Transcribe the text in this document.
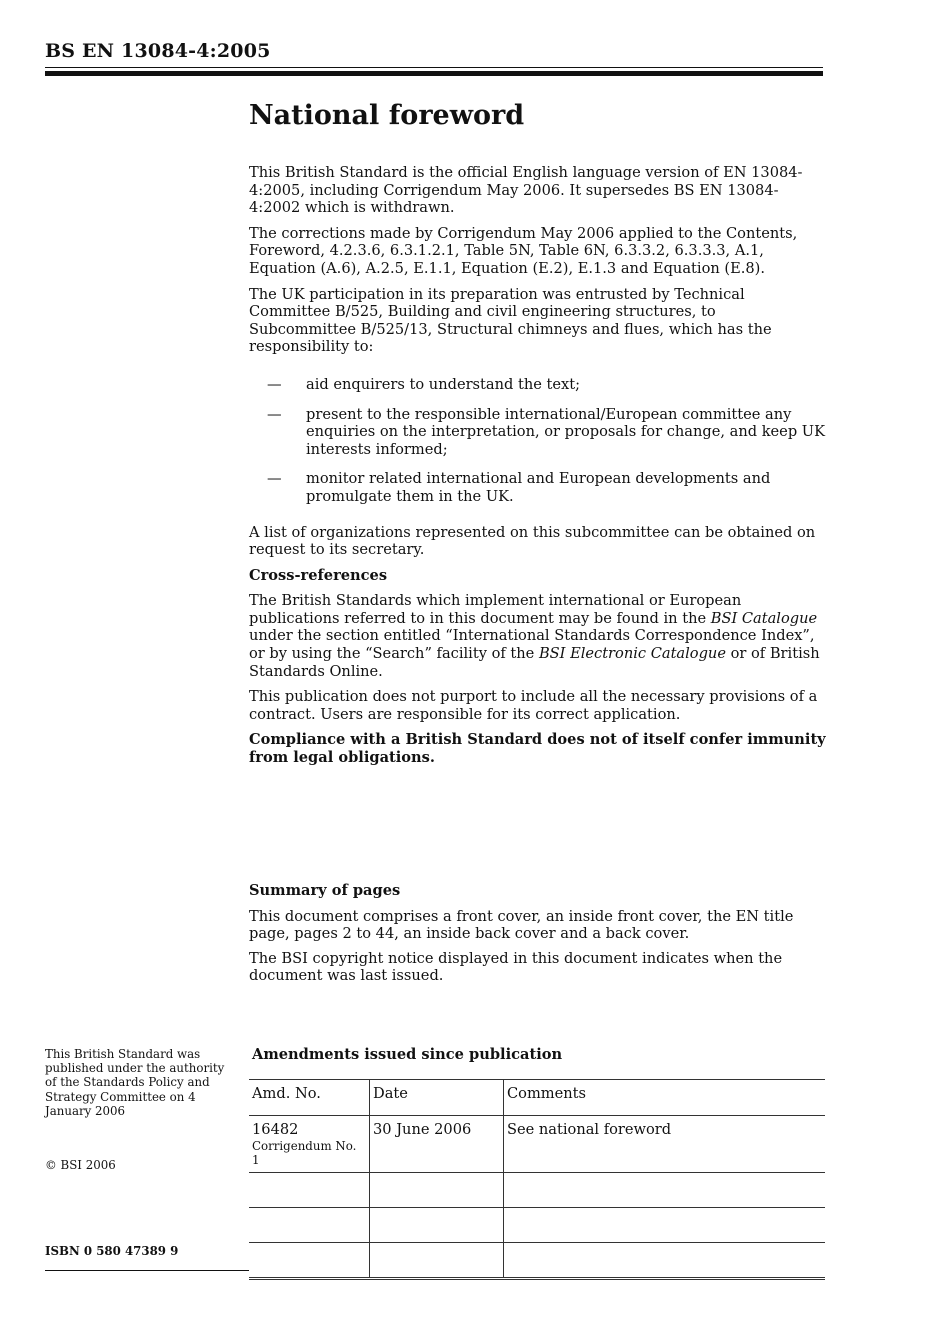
BS EN 13084-4:2005
National foreword

This British Standard is the official English language version of EN 13084-4:2005, including Corrigendum May 2006. It supersedes BS EN 13084-4:2002 which is withdrawn.

The corrections made by Corrigendum May 2006 applied to the Contents, Foreword, 4.2.3.6, 6.3.1.2.1, Table 5N, Table 6N, 6.3.3.2, 6.3.3.3, A.1, Equation (A.6), A.2.5, E.1.1, Equation (E.2), E.1.3 and Equation (E.8).

The UK participation in its preparation was entrusted by Technical Committee B/525, Building and civil engineering structures, to Subcommittee B/525/13, Structural chimneys and flues, which has the responsibility to:

— aid enquirers to understand the text;
— present to the responsible international/European committee any enquiries on the interpretation, or proposals for change, and keep UK interests informed;
— monitor related international and European developments and promulgate them in the UK.

A list of organizations represented on this subcommittee can be obtained on request to its secretary.

Cross-references

The British Standards which implement international or European publications referred to in this document may be found in the BSI Catalogue under the section entitled “International Standards Correspondence Index”, or by using the “Search” facility of the BSI Electronic Catalogue or of British Standards Online.

This publication does not purport to include all the necessary provisions of a contract. Users are responsible for its correct application.

Compliance with a British Standard does not of itself confer immunity from legal obligations.

Summary of pages

This document comprises a front cover, an inside front cover, the EN title page, pages 2 to 44, an inside back cover and a back cover.

The BSI copyright notice displayed in this document indicates when the document was last issued.

This British Standard was published under the authority of the Standards Policy and Strategy Committee on 4 January 2006
© BSI 2006
ISBN 0 580 47389 9
Amendments issued since publication
Amd. No.	Date	Comments
16482
Corrigendum No. 1	30 June 2006	See national foreword
